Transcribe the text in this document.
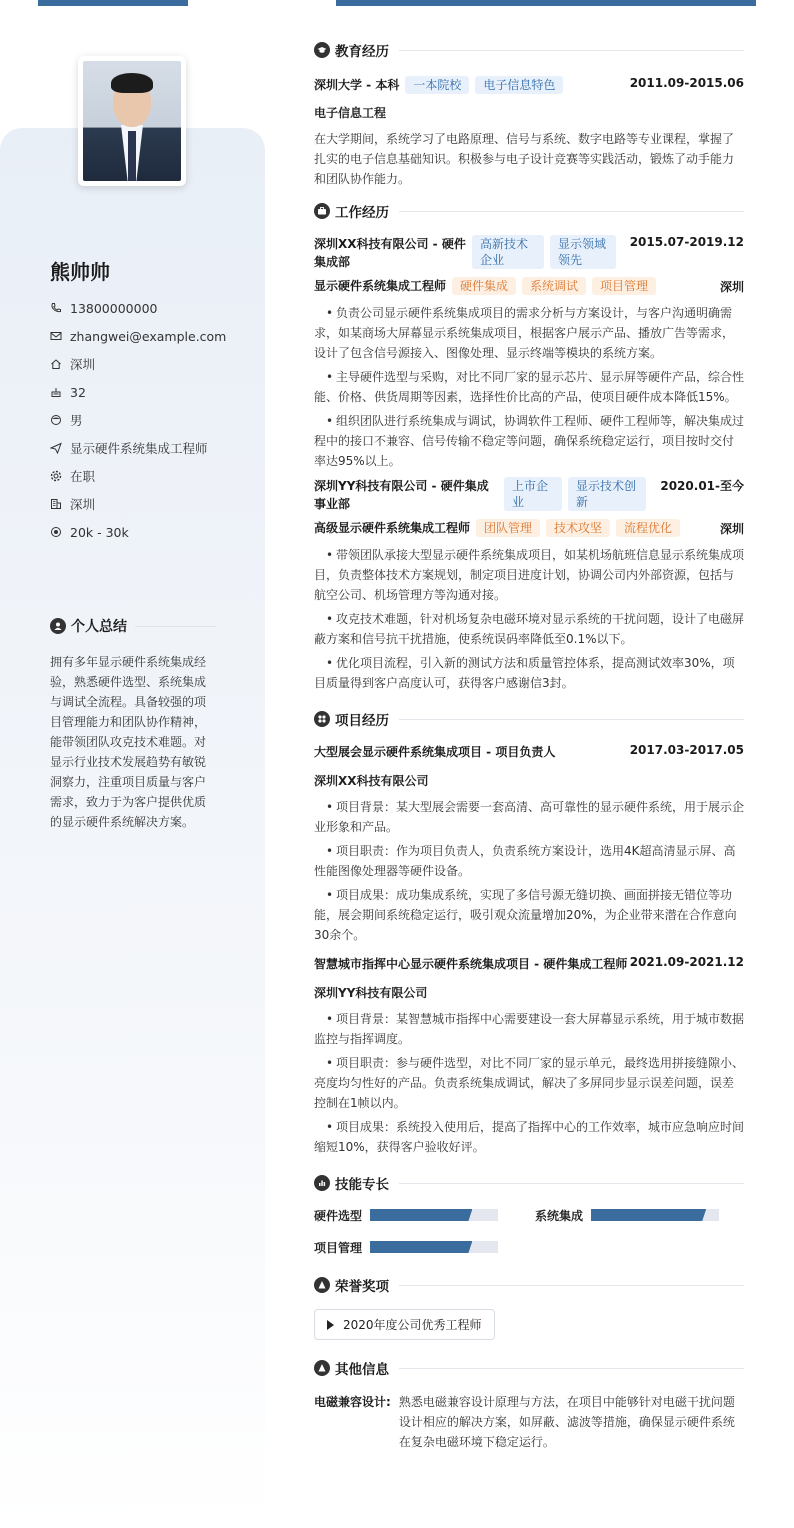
熊帅帅
13800000000
zhangwei@example.com
深圳
32
男
显示硬件系统集成工程师
在职
深圳
20k - 30k
个人总结
拥有多年显示硬件系统集成经验，熟悉硬件选型、系统集成与调试全流程。具备较强的项目管理能力和团队协作精神，能带领团队攻克技术难题。对显示行业技术发展趋势有敏锐洞察力，注重项目质量与客户需求，致力于为客户提供优质的显示硬件系统解决方案。
教育经历
深圳大学 - 本科 一本院校 电子信息特色	2011.09-2015.06
电子信息工程
在大学期间，系统学习了电路原理、信号与系统、数字电路等专业课程，掌握了扎实的电子信息基础知识。积极参与电子设计竞赛等实践活动，锻炼了动手能力和团队协作能力。
工作经历
深圳XX科技有限公司 - 硬件集成部
高新技术企业
显示领域领先
2015.07-2019.12
显示硬件系统集成工程师 硬件集成 系统调试 项目管理	深圳
• 负责公司显示硬件系统集成项目的需求分析与方案设计，与客户沟通明确需求，如某商场大屏幕显示系统集成项目，根据客户展示产品、播放广告等需求，设计了包含信号源接入、图像处理、显示终端等模块的系统方案。
• 主导硬件选型与采购，对比不同厂家的显示芯片、显示屏等硬件产品，综合性能、价格、供货周期等因素，选择性价比高的产品，使项目硬件成本降低15%。
• 组织团队进行系统集成与调试，协调软件工程师、硬件工程师等，解决集成过程中的接口不兼容、信号传输不稳定等问题，确保系统稳定运行，项目按时交付率达95%以上。
深圳YY科技有限公司 - 硬件集成事业部
上市企业
显示技术创新
2020.01-至今
高级显示硬件系统集成工程师 团队管理 技术攻坚 流程优化	深圳
• 带领团队承接大型显示硬件系统集成项目，如某机场航班信息显示系统集成项目，负责整体技术方案规划，制定项目进度计划，协调公司内外部资源，包括与航空公司、机场管理方等沟通对接。
• 攻克技术难题，针对机场复杂电磁环境对显示系统的干扰问题，设计了电磁屏蔽方案和信号抗干扰措施，使系统误码率降低至0.1%以下。
• 优化项目流程，引入新的测试方法和质量管控体系，提高测试效率30%，项目质量得到客户高度认可，获得客户感谢信3封。
项目经历
大型展会显示硬件系统集成项目 - 项目负责人	2017.03-2017.05
深圳XX科技有限公司
• 项目背景：某大型展会需要一套高清、高可靠性的显示硬件系统，用于展示企业形象和产品。
• 项目职责：作为项目负责人，负责系统方案设计，选用4K超高清显示屏、高性能图像处理器等硬件设备。
• 项目成果：成功集成系统，实现了多信号源无缝切换、画面拼接无错位等功能，展会期间系统稳定运行，吸引观众流量增加20%，为企业带来潜在合作意向30余个。
智慧城市指挥中心显示硬件系统集成项目 - 硬件集成工程师 2021.09-2021.12
深圳YY科技有限公司
• 项目背景：某智慧城市指挥中心需要建设一套大屏幕显示系统，用于城市数据监控与指挥调度。
• 项目职责：参与硬件选型，对比不同厂家的显示单元，最终选用拼接缝隙小、亮度均匀性好的产品。负责系统集成调试，解决了多屏同步显示误差问题，误差控制在1帧以内。
• 项目成果：系统投入使用后，提高了指挥中心的工作效率，城市应急响应时间缩短10%，获得客户验收好评。
技能专长
硬件选型	系统集成
项目管理
荣誉奖项
2020年度公司优秀工程师
其他信息
电磁兼容设计: 熟悉电磁兼容设计原理与方法，在项目中能够针对电磁干扰问题设计相应的解决方案，如屏蔽、滤波等措施，确保显示硬件系统在复杂电磁环境下稳定运行。
